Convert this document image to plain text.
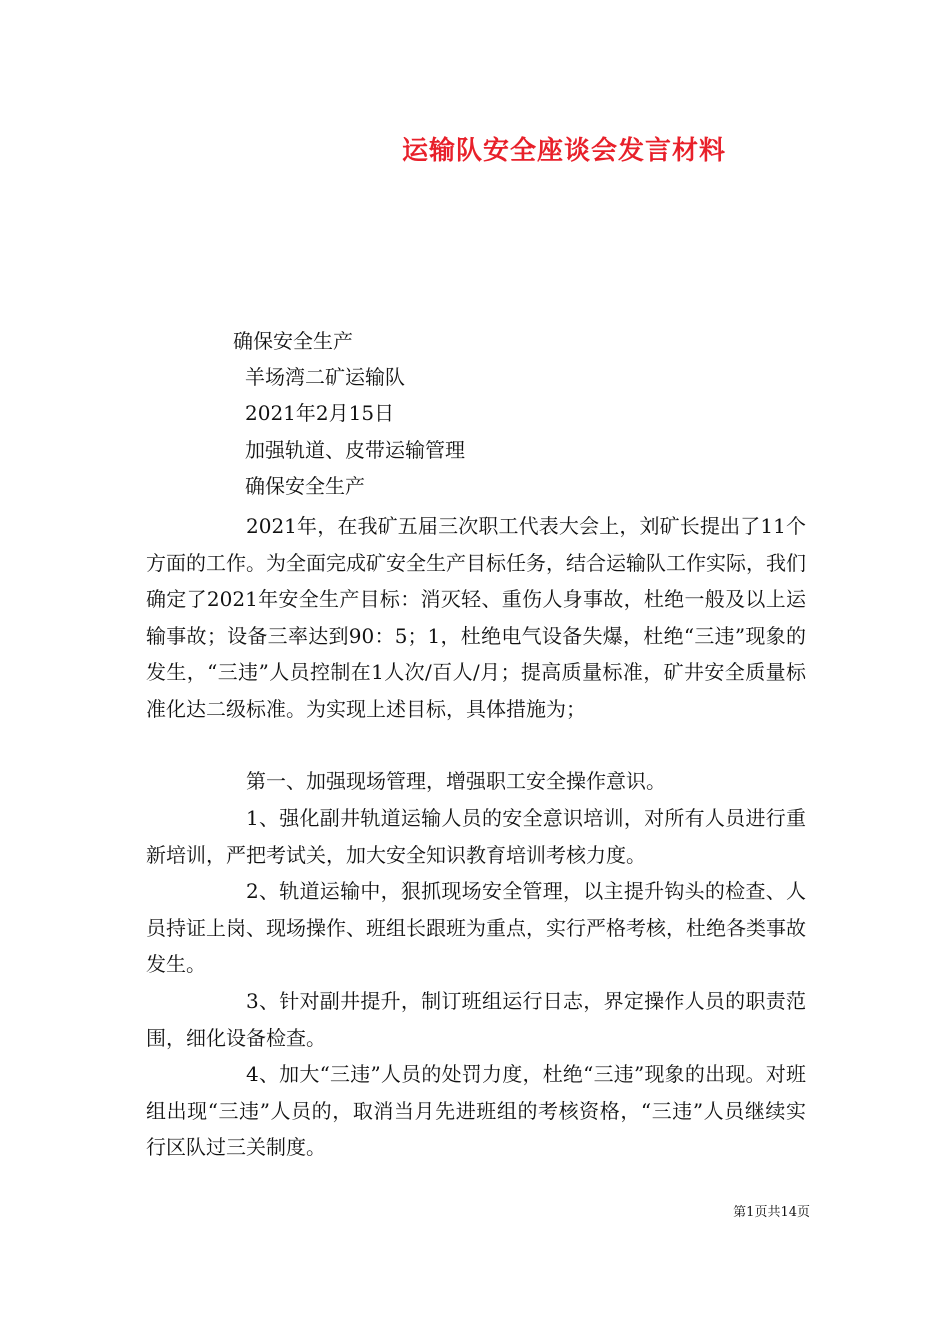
运输队安全座谈会发言材料

确保安全生产

羊场湾二矿运输队

2021年2月15日

加强轨道、皮带运输管理

确保安全生产

2021年，在我矿五届三次职工代表大会上，刘矿长提出了11个方面的工作。为全面完成矿安全生产目标任务，结合运输队工作实际，我们确定了2021年安全生产目标：消灭轻、重伤人身事故，杜绝一般及以上运输事故；设备三率达到90：5；1，杜绝电气设备失爆，杜绝“三违”现象的发生，“三违”人员控制在1人次/百人/月；提高质量标准，矿井安全质量标准化达二级标准。为实现上述目标，具体措施为；

第一、加强现场管理，增强职工安全操作意识。

1、强化副井轨道运输人员的安全意识培训，对所有人员进行重新培训，严把考试关，加大安全知识教育培训考核力度。

2、轨道运输中，狠抓现场安全管理，以主提升钩头的检查、人员持证上岗、现场操作、班组长跟班为重点，实行严格考核，杜绝各类事故发生。

3、针对副井提升，制订班组运行日志，界定操作人员的职责范围，细化设备检查。

4、加大“三违”人员的处罚力度，杜绝“三违”现象的出现。对班组出现“三违”人员的，取消当月先进班组的考核资格，“三违”人员继续实行区队过三关制度。

第1页共14页
